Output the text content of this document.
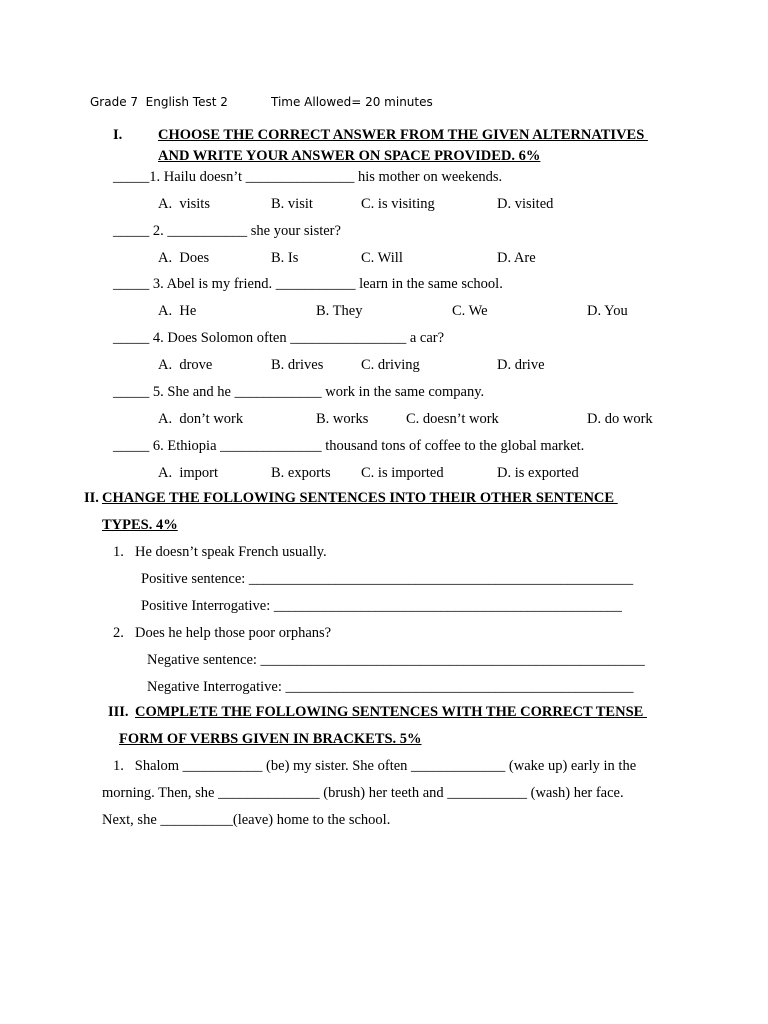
Grade 7  English Test 2	Time Allowed= 20 minutes
I. CHOOSE THE CORRECT ANSWER FROM THE GIVEN ALTERNATIVES
AND WRITE YOUR ANSWER ON SPACE PROVIDED. 6%
_____1. Hailu doesn’t _______________ his mother on weekends.
A.  visits	B. visit	C. is visiting	D. visited
_____ 2. ___________ she your sister?
A.  Does	B. Is	C. Will	D. Are
_____ 3. Abel is my friend. ___________ learn in the same school.
A.  He	B. They	C. We	D. You
_____ 4. Does Solomon often ________________ a car?
A.  drove	B. drives	C. driving	D. drive
_____ 5. She and he ____________ work in the same company.
A.  don’t work	B. works	C. doesn’t work	D. do work
_____ 6. Ethiopia ______________ thousand tons of coffee to the global market.
A.  import	B. exports C. is imported	D. is exported
II. CHANGE THE FOLLOWING SENTENCES INTO THEIR OTHER SENTENCE
TYPES. 4%
1. He doesn’t speak French usually.
Positive sentence: _____________________________________________________
Positive Interrogative: ________________________________________________
2. Does he help those poor orphans?
Negative sentence: _____________________________________________________
Negative Interrogative: ________________________________________________
III. COMPLETE THE FOLLOWING SENTENCES WITH THE CORRECT TENSE
FORM OF VERBS GIVEN IN BRACKETS. 5%
1.   Shalom ___________ (be) my sister. She often _____________ (wake up) early in the
morning. Then, she ______________ (brush) her teeth and ___________ (wash) her face.
Next, she __________(leave) home to the school.
